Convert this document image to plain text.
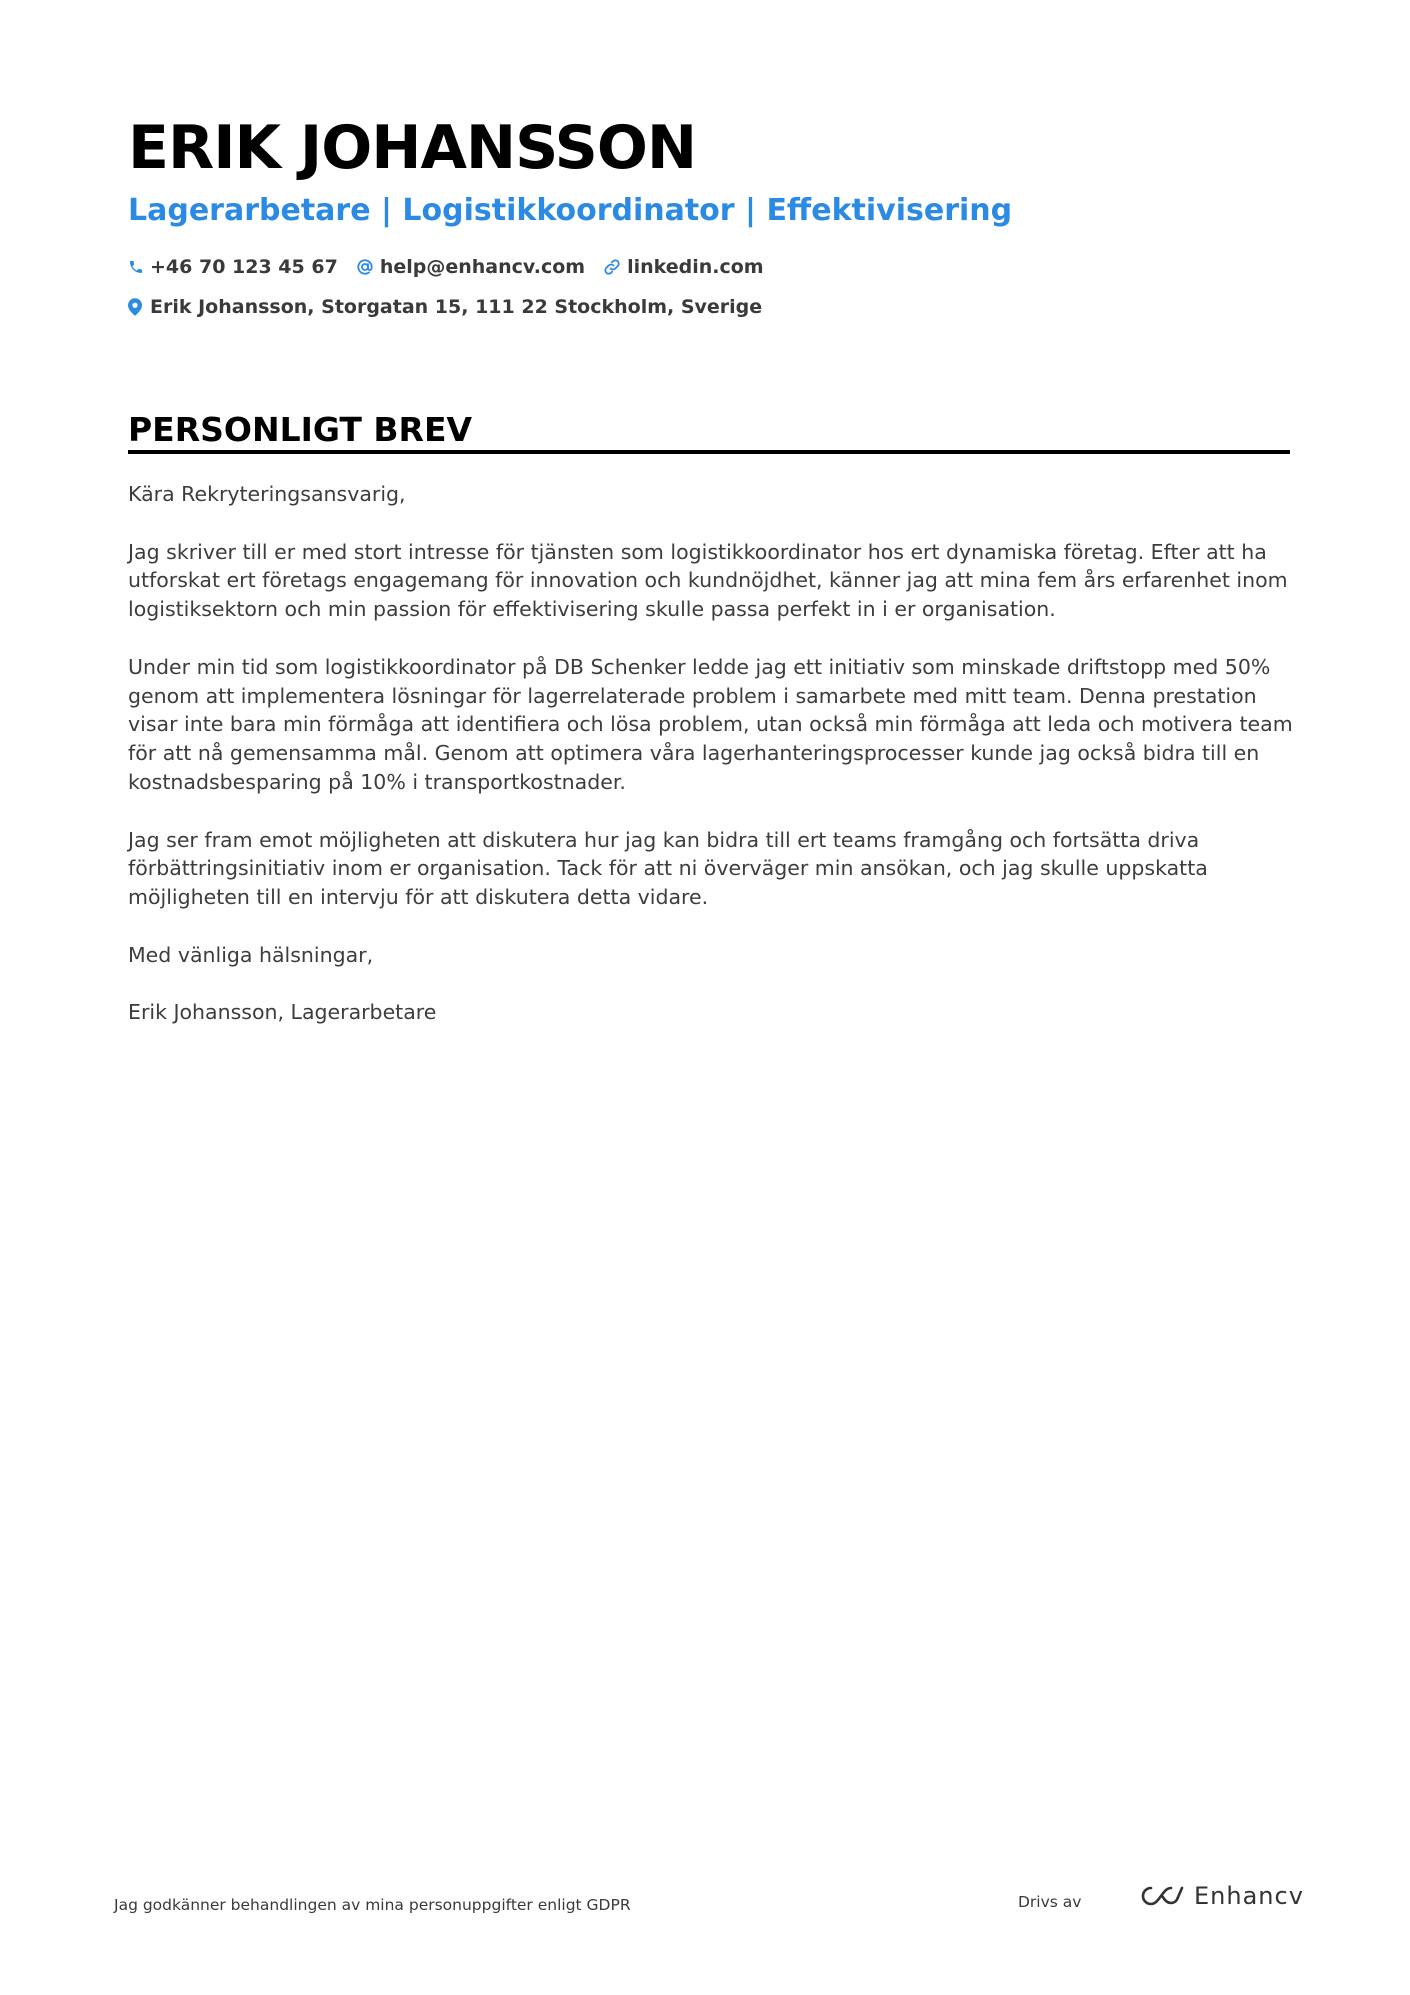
ERIK JOHANSSON
Lagerarbetare | Logistikkoordinator | Effektivisering
+46 70 123 45 67 help@enhancv.com linkedin.com
Erik Johansson, Storgatan 15, 111 22 Stockholm, Sverige
PERSONLIGT BREV

Kära Rekryteringsansvarig,

Jag skriver till er med stort intresse för tjänsten som logistikkoordinator hos ert dynamiska företag. Efter att ha utforskat ert företags engagemang för innovation och kundnöjdhet, känner jag att mina fem års erfarenhet inom logistiksektorn och min passion för effektivisering skulle passa perfekt in i er organisation.

Under min tid som logistikkoordinator på DB Schenker ledde jag ett initiativ som minskade driftstopp med 50% genom att implementera lösningar för lagerrelaterade problem i samarbete med mitt team. Denna prestation visar inte bara min förmåga att identifiera och lösa problem, utan också min förmåga att leda och motivera team för att nå gemensamma mål. Genom att optimera våra lagerhanteringsprocesser kunde jag också bidra till en kostnadsbesparing på 10% i transportkostnader.

Jag ser fram emot möjligheten att diskutera hur jag kan bidra till ert teams framgång och fortsätta driva förbättringsinitiativ inom er organisation. Tack för att ni överväger min ansökan, och jag skulle uppskatta möjligheten till en intervju för att diskutera detta vidare.

Med vänliga hälsningar,

Erik Johansson, Lagerarbetare

Jag godkänner behandlingen av mina personuppgifter enligt GDPR	Drivs av	Enhancv
